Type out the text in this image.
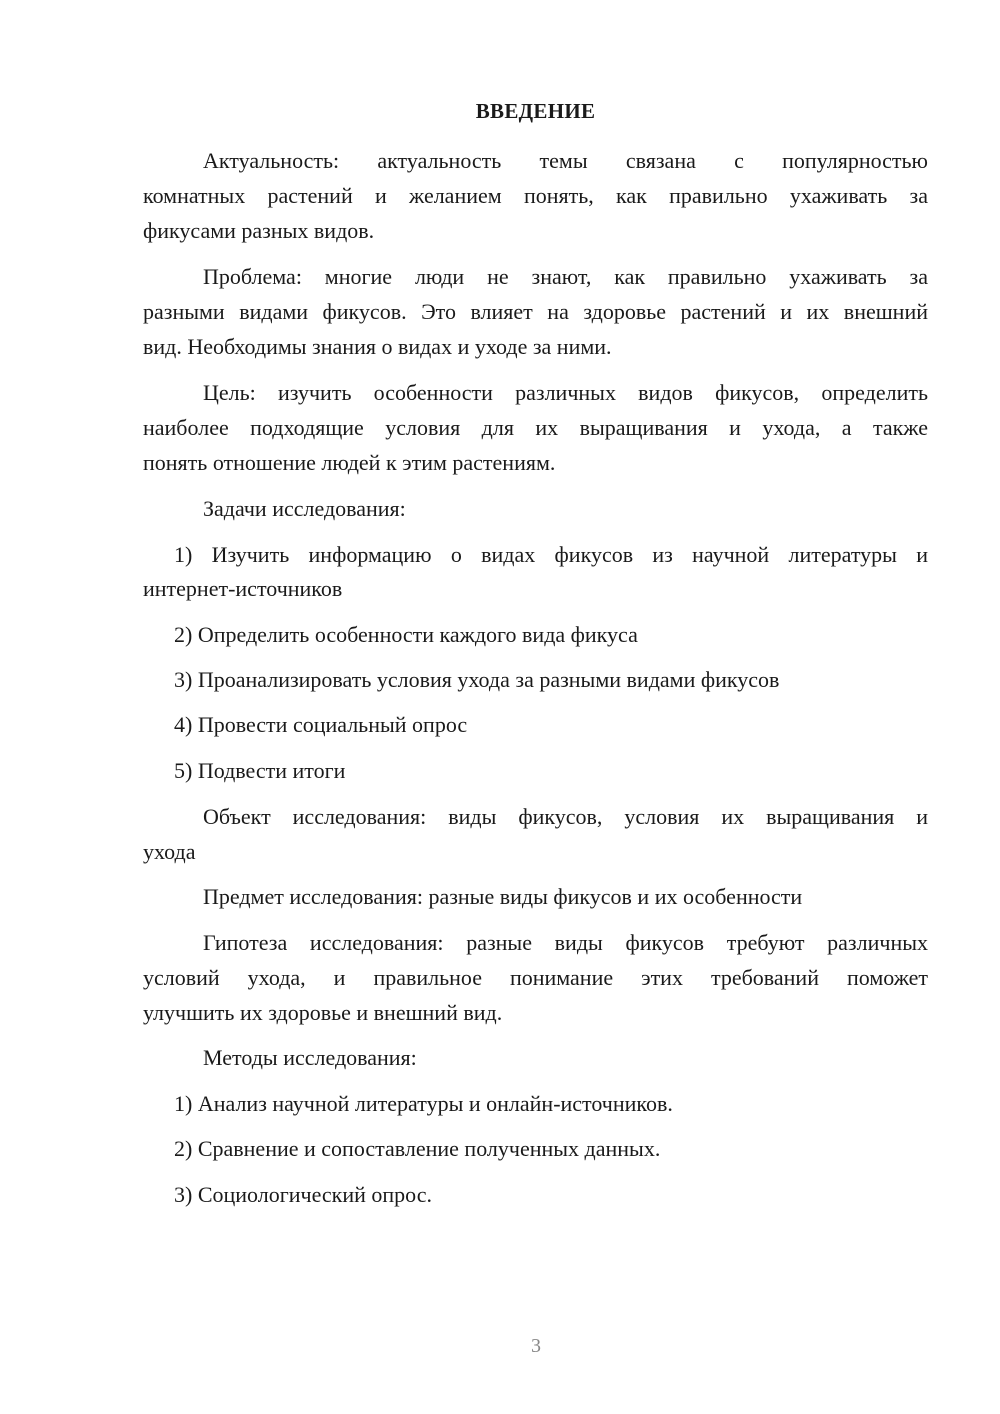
ВВЕДЕНИЕ
Актуальность: актуальность темы связана с популярностью
комнатных растений и желанием понять, как правильно ухаживать за
фикусами разных видов.
Проблема: многие люди не знают, как правильно ухаживать за
разными видами фикусов. Это влияет на здоровье растений и их внешний
вид. Необходимы знания о видах и уходе за ними.
Цель: изучить особенности различных видов фикусов, определить
наиболее подходящие условия для их выращивания и ухода, а также
понять отношение людей к этим растениям.
Задачи исследования:
1) Изучить информацию о видах фикусов из научной литературы и
интернет-источников
2) Определить особенности каждого вида фикуса
3) Проанализировать условия ухода за разными видами фикусов
4) Провести социальный опрос
5) Подвести итоги
Объект исследования: виды фикусов, условия их выращивания и
ухода
Предмет исследования: разные виды фикусов и их особенности
Гипотеза исследования: разные виды фикусов требуют различных
условий ухода, и правильное понимание этих требований поможет
улучшить их здоровье и внешний вид.
Методы исследования:
1) Анализ научной литературы и онлайн-источников.
2) Сравнение и сопоставление полученных данных.
3) Социологический опрос.
3
